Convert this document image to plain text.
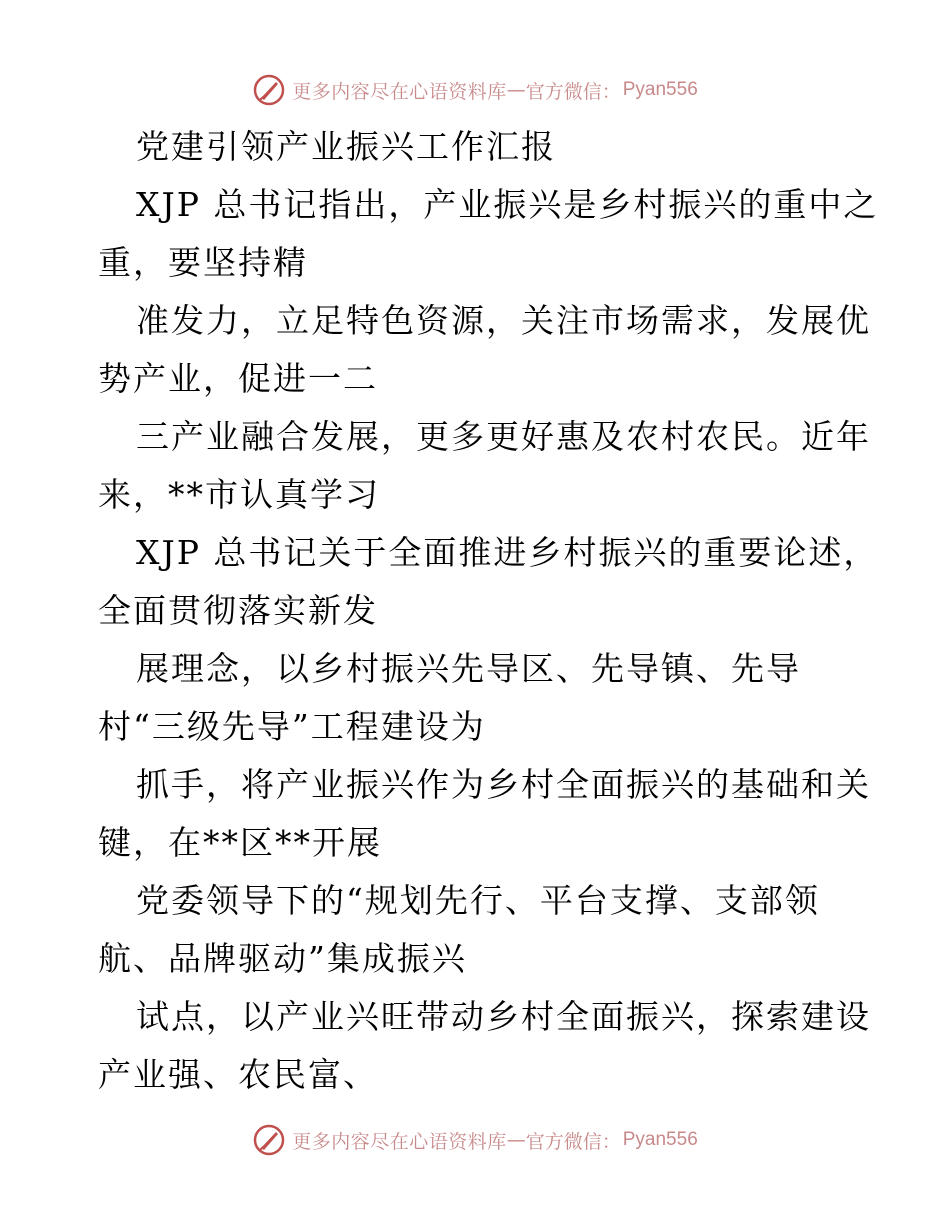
更多内容尽在心语资料库 — 官方微信： Pyan556
党建引领产业振兴工作汇报
XJP 总书记指出，产业振兴是乡村振兴的重中之
重，要坚持精
准发力，立足特色资源，关注市场需求，发展优
势产业，促进一二
三产业融合发展，更多更好惠及农村农民。近年
来，**市认真学习
XJP 总书记关于全面推进乡村振兴的重要论述，
全面贯彻落实新发
展理念，以乡村振兴先导区、先导镇、先导
村“三级先导”工程建设为
抓手，将产业振兴作为乡村全面振兴的基础和关
键，在**区**开展
党委领导下的“规划先行、平台支撑、支部领
航、品牌驱动”集成振兴
试点，以产业兴旺带动乡村全面振兴，探索建设
产业强、农民富、
更多内容尽在心语资料库 — 官方微信： Pyan556
